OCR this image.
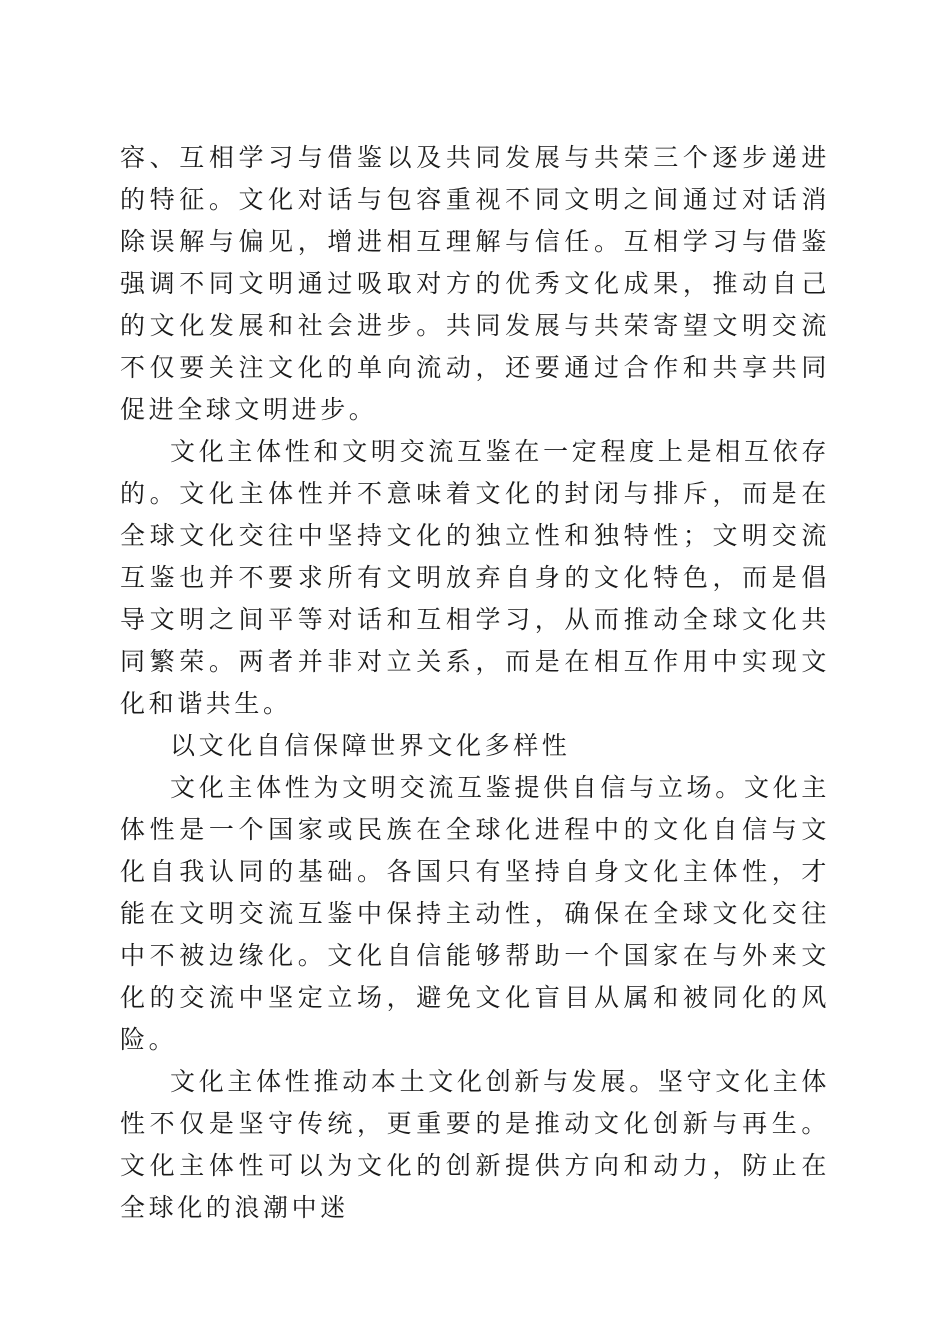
容、互相学习与借鉴以及共同发展与共荣三个逐步递进的特征。文化对话与包容重视不同文明之间通过对话消除误解与偏见，增进相互理解与信任。互相学习与借鉴强调不同文明通过吸取对方的优秀文化成果，推动自己的文化发展和社会进步。共同发展与共荣寄望文明交流不仅要关注文化的单向流动，还要通过合作和共享共同促进全球文明进步。

文化主体性和文明交流互鉴在一定程度上是相互依存的。文化主体性并不意味着文化的封闭与排斥，而是在全球文化交往中坚持文化的独立性和独特性；文明交流互鉴也并不要求所有文明放弃自身的文化特色，而是倡导文明之间平等对话和互相学习，从而推动全球文化共同繁荣。两者并非对立关系，而是在相互作用中实现文化和谐共生。

以文化自信保障世界文化多样性

文化主体性为文明交流互鉴提供自信与立场。文化主体性是一个国家或民族在全球化进程中的文化自信与文化自我认同的基础。各国只有坚持自身文化主体性，才能在文明交流互鉴中保持主动性，确保在全球文化交往中不被边缘化。文化自信能够帮助一个国家在与外来文化的交流中坚定立场，避免文化盲目从属和被同化的风险。

文化主体性推动本土文化创新与发展。坚守文化主体性不仅是坚守传统，更重要的是推动文化创新与再生。文化主体性可以为文化的创新提供方向和动力，防止在全球化的浪潮中迷
